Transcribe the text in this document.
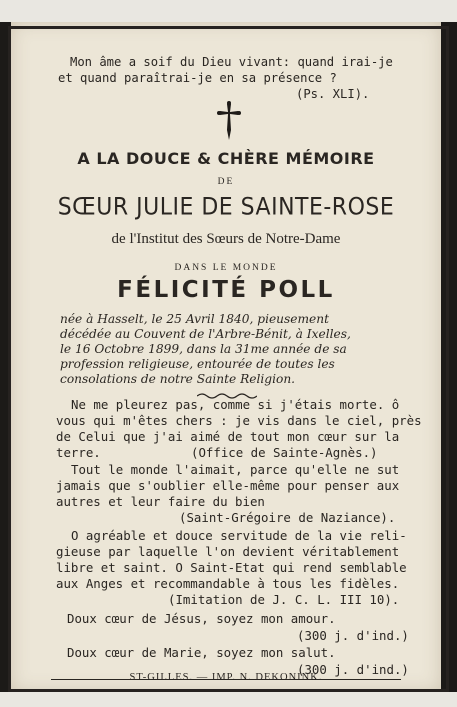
Mon âme a soif du Dieu vivant: quand irai-je
et quand paraîtrai-je en sa présence ?
(Ps. XLI).
A LA DOUCE & CHÈRE MÉMOIRE
DE
SŒUR JULIE DE SAINTE-ROSE
de l'Institut des Sœurs de Notre-Dame
DANS LE MONDE
FÉLICITÉ POLL
née à Hasselt, le 25 Avril 1840, pieusement
décédée au Couvent de l'Arbre-Bénit, à Ixelles,
le 16 Octobre 1899, dans la 31me année de sa
profession religieuse, entourée de toutes les
consolations de notre Sainte Religion.
Ne me pleurez pas, comme si j'étais morte. ô
vous qui m'êtes chers : je vis dans le ciel, près
de Celui que j'ai aimé de tout mon cœur sur la
terre.	(Office de Sainte-Agnès.)
Tout le monde l'aimait, parce qu'elle ne sut
jamais que s'oublier elle-même pour penser aux
autres et leur faire du bien
(Saint-Grégoire de Naziance).
O agréable et douce servitude de la vie reli-
gieuse par laquelle l'on devient véritablement
libre et saint. O Saint-Etat qui rend semblable
aux Anges et recommandable à tous les fidèles.
(Imitation de J. C. L. III 10).
Doux cœur de Jésus, soyez mon amour.
(300 j. d'ind.)
Doux cœur de Marie, soyez mon salut.
(300 j. d'ind.)
ST-GILLES. — IMP. N. DEKONINK.
